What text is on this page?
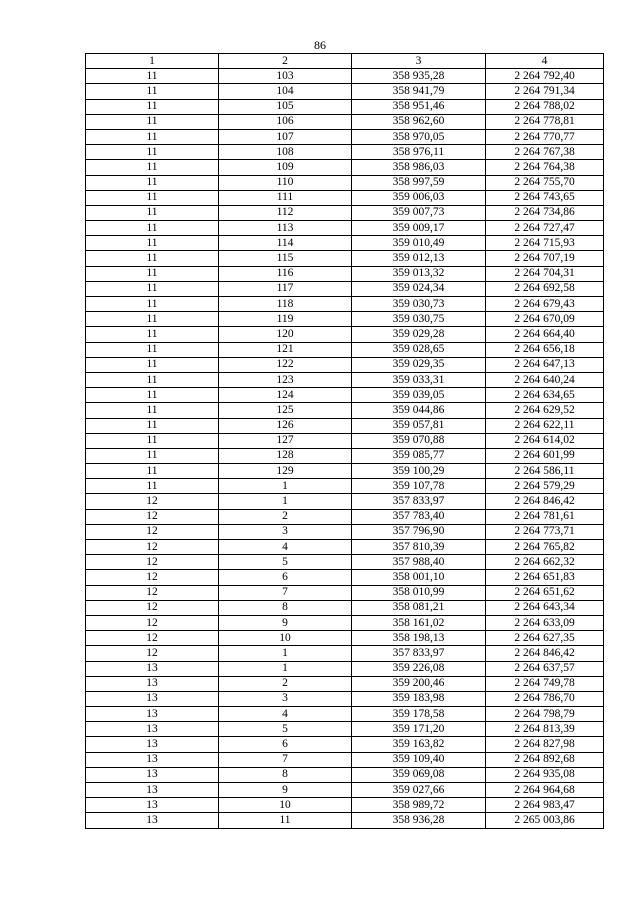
86
1	2	3	4
11	103	358 935,28	2 264 792,40
11	104	358 941,79	2 264 791,34
11	105	358 951,46	2 264 788,02
11	106	358 962,60	2 264 778,81
11	107	358 970,05	2 264 770,77
11	108	358 976,11	2 264 767,38
11	109	358 986,03	2 264 764,38
11	110	358 997,59	2 264 755,70
11	111	359 006,03	2 264 743,65
11	112	359 007,73	2 264 734,86
11	113	359 009,17	2 264 727,47
11	114	359 010,49	2 264 715,93
11	115	359 012,13	2 264 707,19
11	116	359 013,32	2 264 704,31
11	117	359 024,34	2 264 692,58
11	118	359 030,73	2 264 679,43
11	119	359 030,75	2 264 670,09
11	120	359 029,28	2 264 664,40
11	121	359 028,65	2 264 656,18
11	122	359 029,35	2 264 647,13
11	123	359 033,31	2 264 640,24
11	124	359 039,05	2 264 634,65
11	125	359 044,86	2 264 629,52
11	126	359 057,81	2 264 622,11
11	127	359 070,88	2 264 614,02
11	128	359 085,77	2 264 601,99
11	129	359 100,29	2 264 586,11
11	1	359 107,78	2 264 579,29
12	1	357 833,97	2 264 846,42
12	2	357 783,40	2 264 781,61
12	3	357 796,90	2 264 773,71
12	4	357 810,39	2 264 765,82
12	5	357 988,40	2 264 662,32
12	6	358 001,10	2 264 651,83
12	7	358 010,99	2 264 651,62
12	8	358 081,21	2 264 643,34
12	9	358 161,02	2 264 633,09
12	10	358 198,13	2 264 627,35
12	1	357 833,97	2 264 846,42
13	1	359 226,08	2 264 637,57
13	2	359 200,46	2 264 749,78
13	3	359 183,98	2 264 786,70
13	4	359 178,58	2 264 798,79
13	5	359 171,20	2 264 813,39
13	6	359 163,82	2 264 827,98
13	7	359 109,40	2 264 892,68
13	8	359 069,08	2 264 935,08
13	9	359 027,66	2 264 964,68
13	10	358 989,72	2 264 983,47
13	11	358 936,28	2 265 003,86
